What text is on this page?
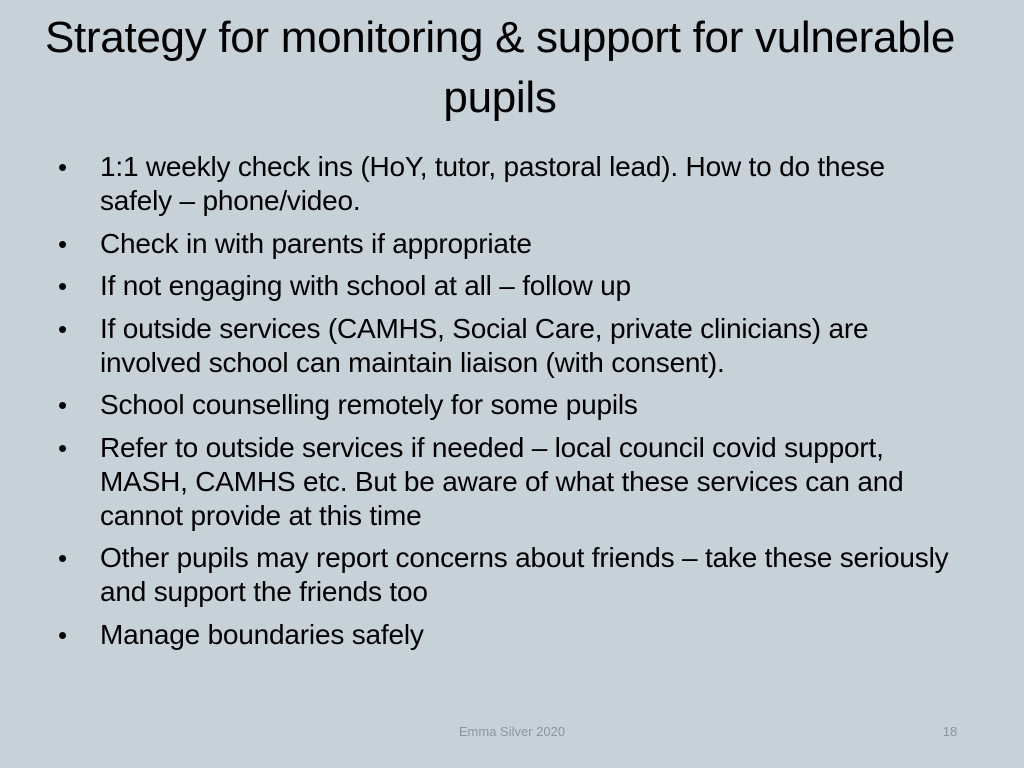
Strategy for monitoring & support for vulnerable pupils
•	1:1 weekly check ins (HoY, tutor, pastoral lead). How to do these safely – phone/video.
•	Check in with parents if appropriate
•	If not engaging with school at all – follow up
•	If outside services (CAMHS, Social Care, private clinicians) are involved school can maintain liaison (with consent).
•	School counselling remotely for some pupils
•	Refer to outside services if needed – local council covid support, MASH, CAMHS etc. But be aware of what these services can and cannot provide at this time
•	Other pupils may report concerns about friends – take these seriously and support the friends too
•	Manage boundaries safely
Emma Silver 2020	18
